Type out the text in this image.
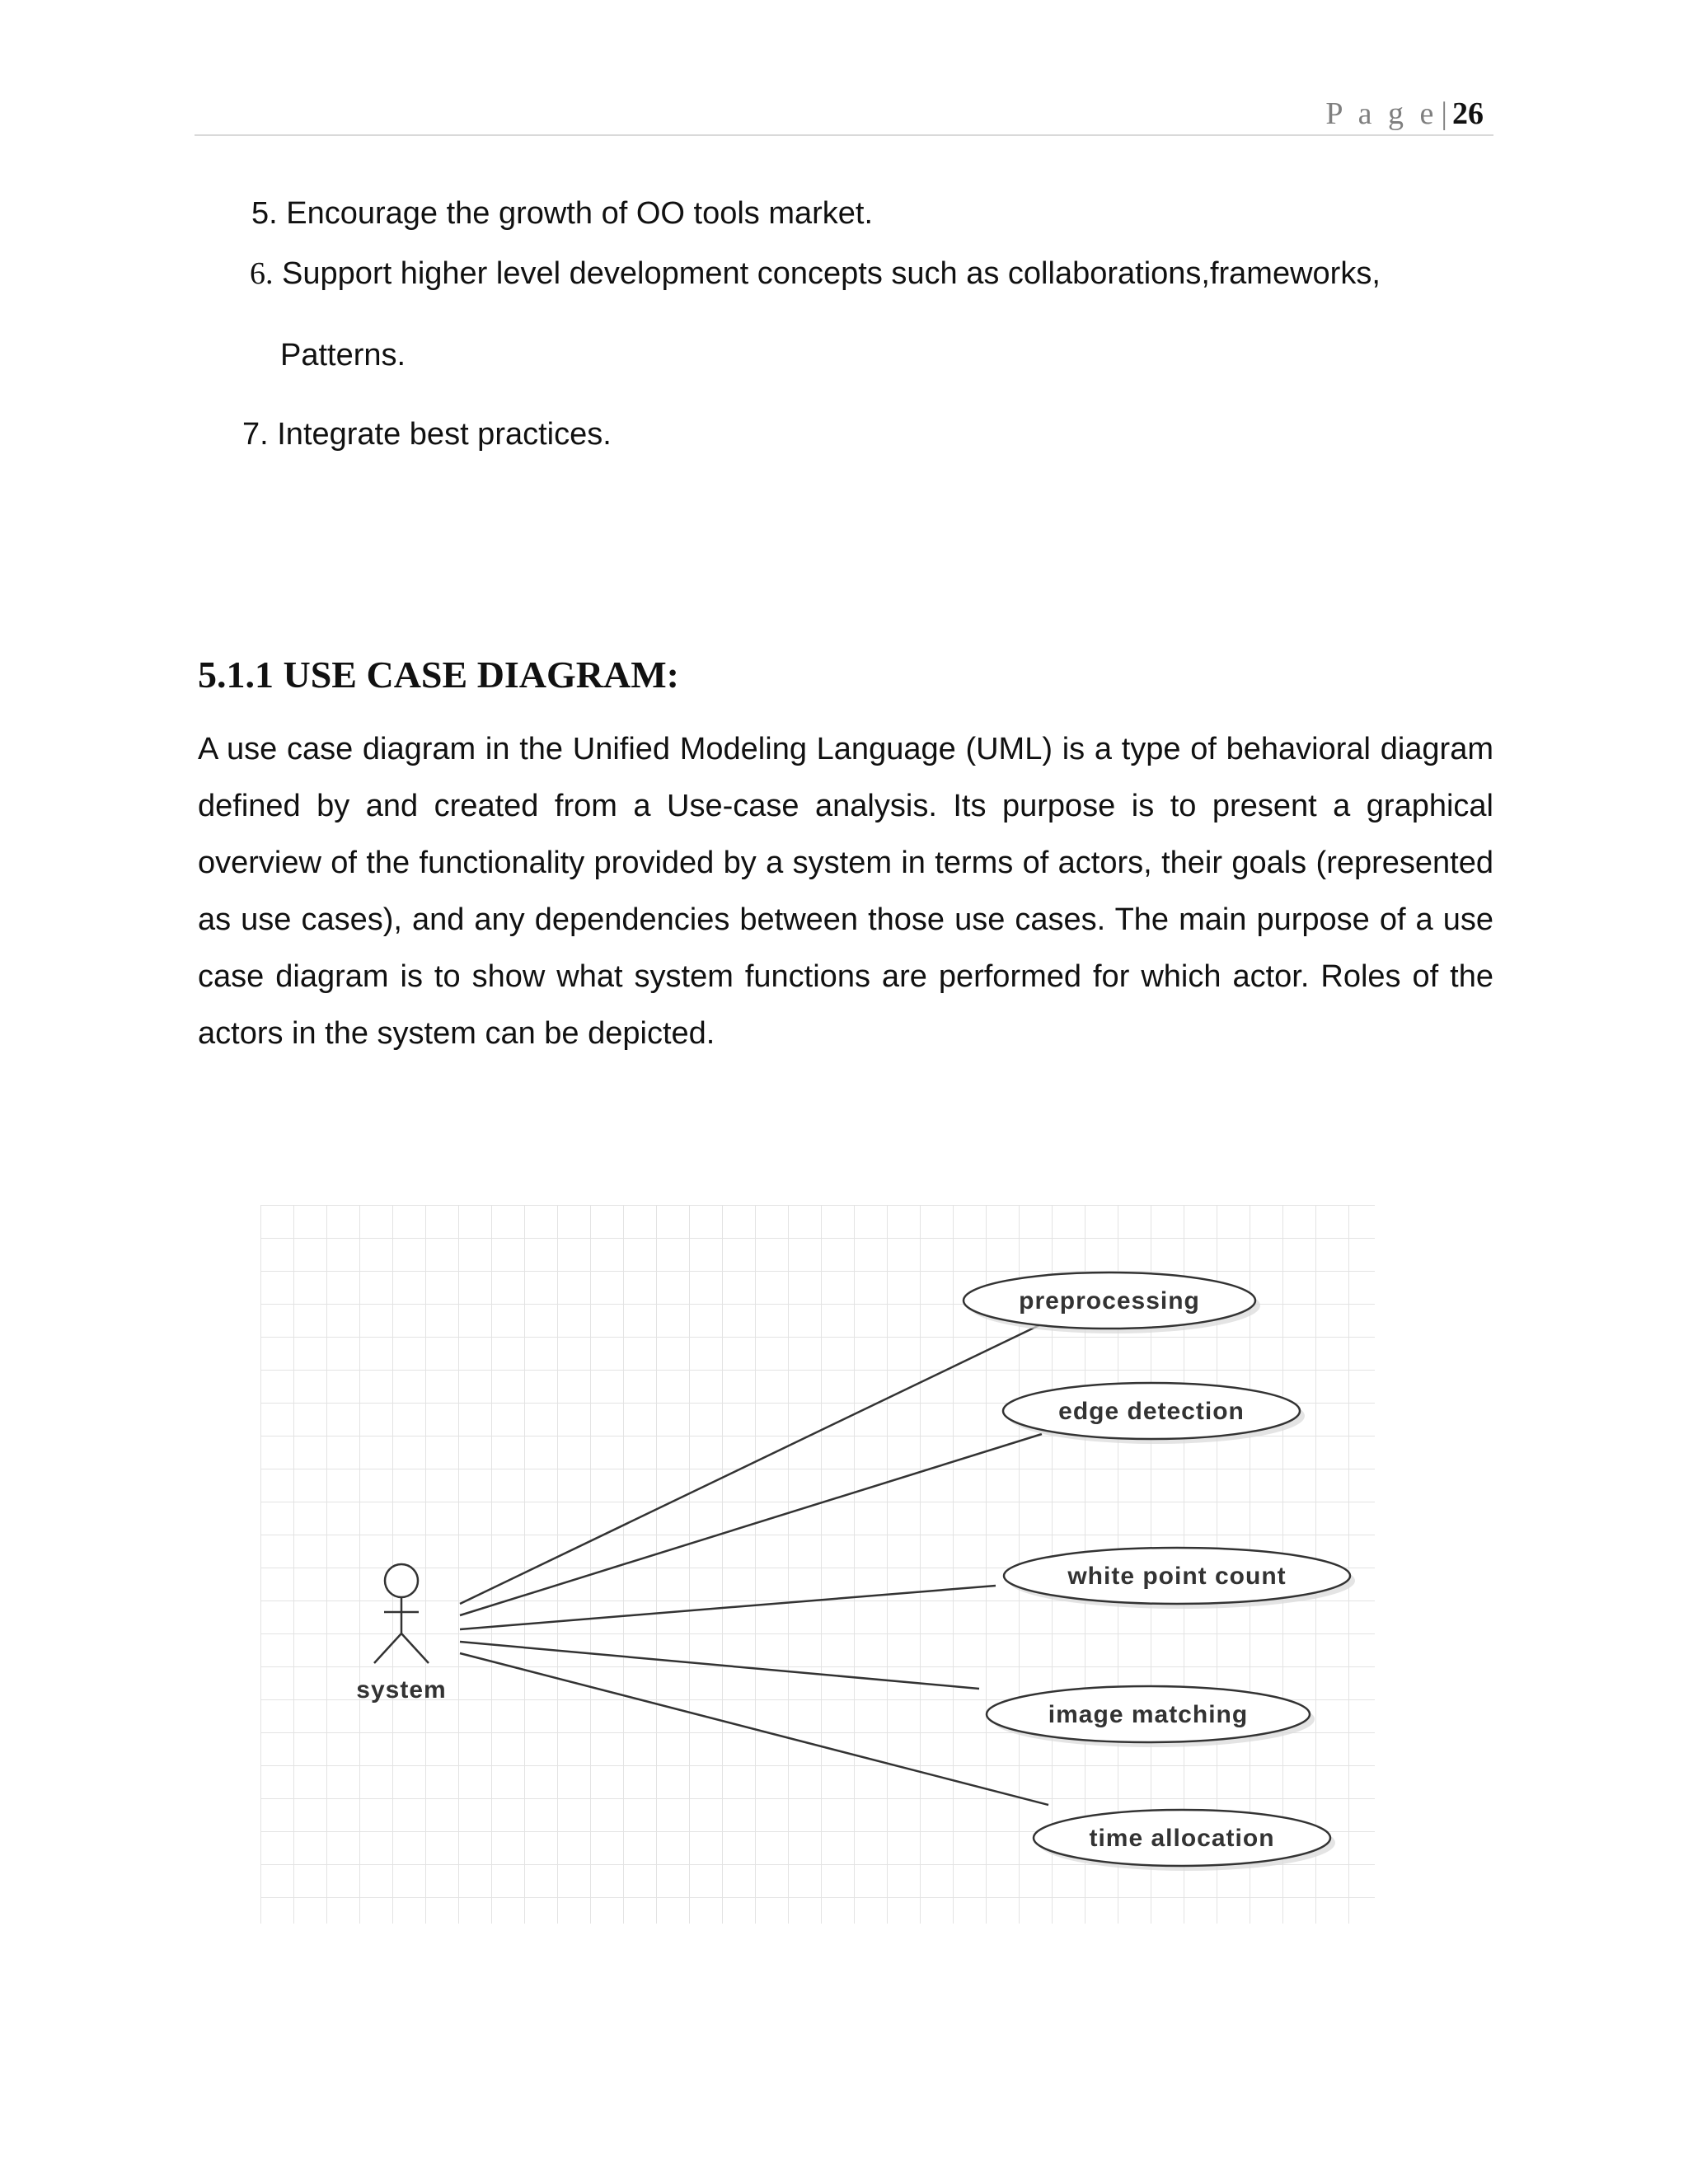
P a g e | 26
5. Encourage the growth of OO tools market.
6. Support higher level development concepts such as collaborations,frameworks,
Patterns.
7. Integrate best practices.
5.1.1 USE CASE DIAGRAM:
A use case diagram in the Unified Modeling Language (UML) is a type of behavioral diagram defined by and created from a Use-case analysis. Its purpose is to present a graphical overview of the functionality provided by a system in terms of actors, their goals (represented as use cases), and any dependencies between those use cases. The main purpose of a use case diagram is to show what system functions are performed for which actor. Roles of the actors in the system can be depicted.
system
preprocessing
edge detection
white point count
image matching
time allocation
